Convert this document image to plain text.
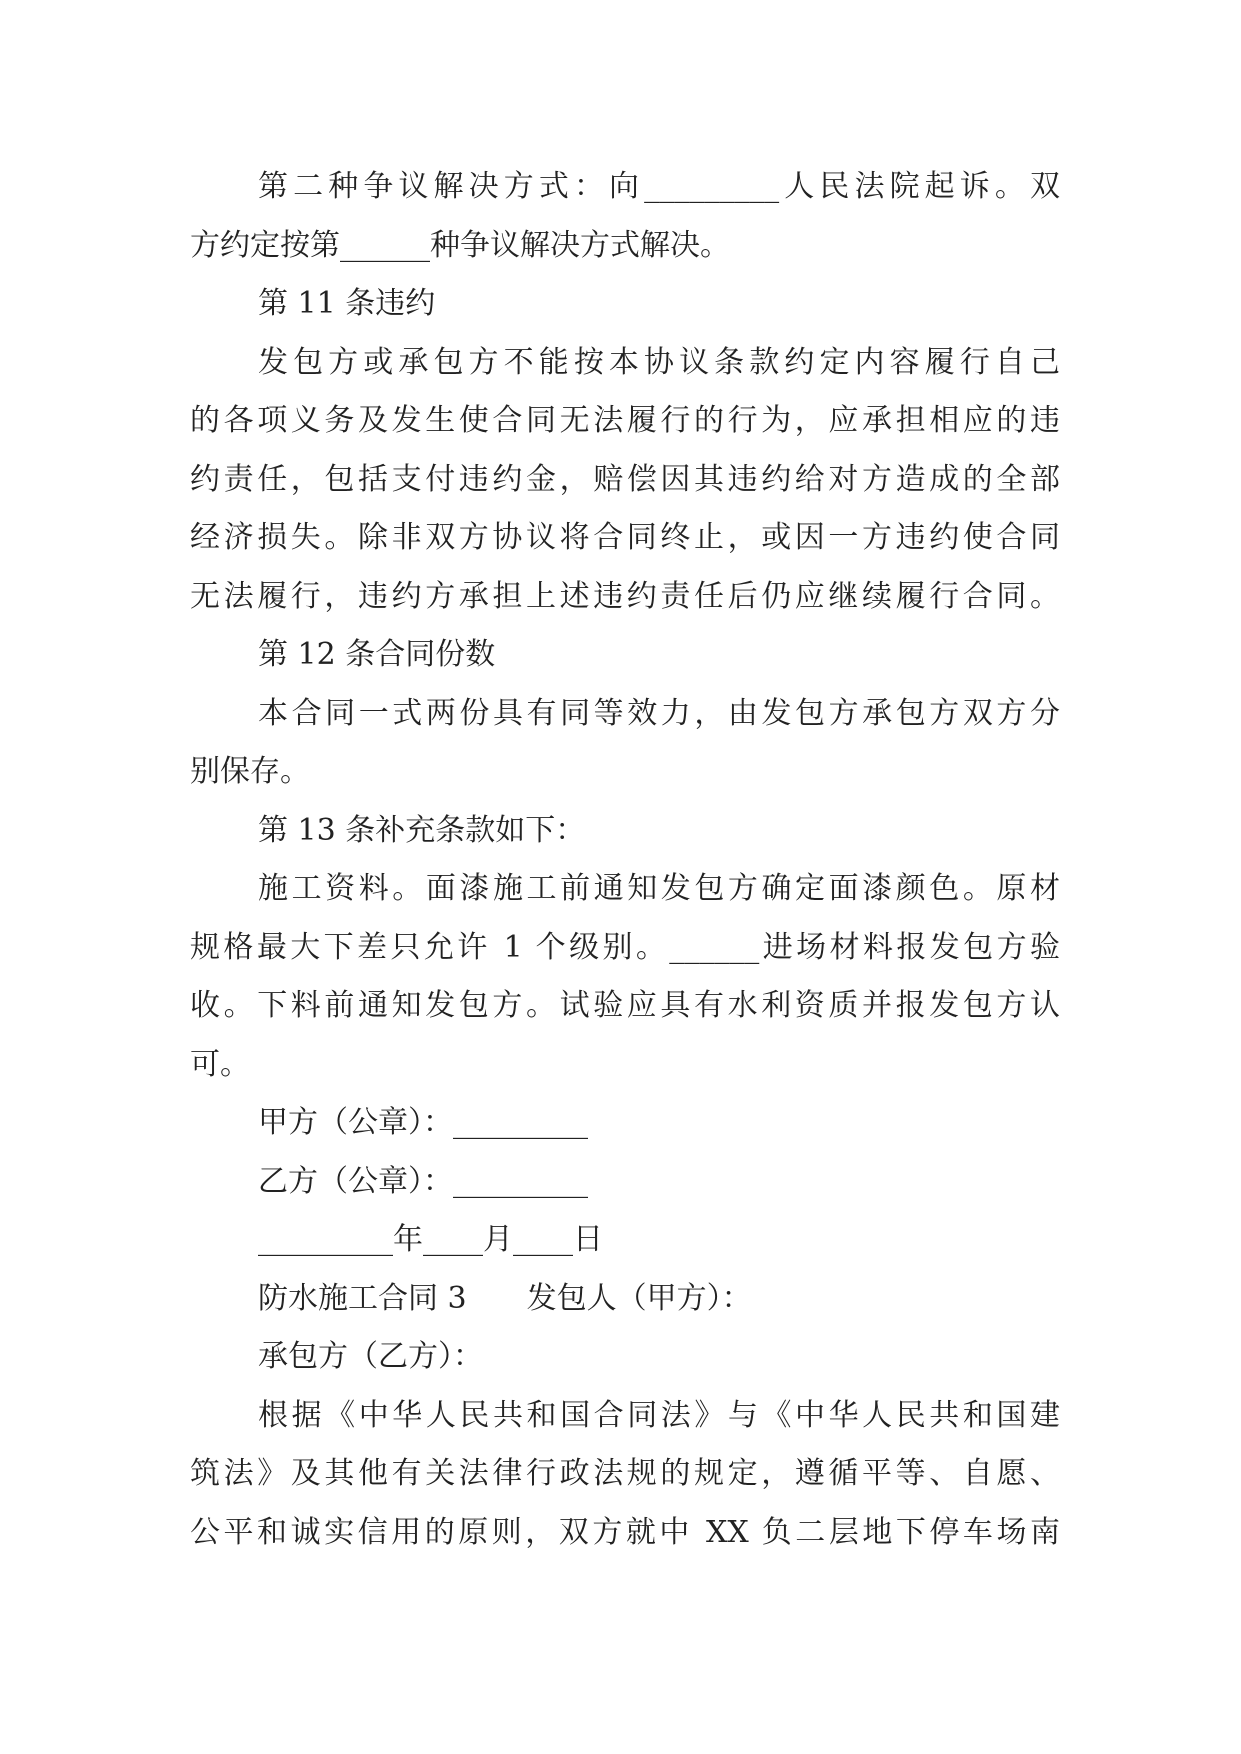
第二种争议解决方式：向_________人民法院起诉。双
方约定按第______种争议解决方式解决。
第 11 条违约
发包方或承包方不能按本协议条款约定内容履行自己
的各项义务及发生使合同无法履行的行为，应承担相应的违
约责任，包括支付违约金，赔偿因其违约给对方造成的全部
经济损失。除非双方协议将合同终止，或因一方违约使合同
无法履行，违约方承担上述违约责任后仍应继续履行合同。
第 12 条合同份数
本合同一式两份具有同等效力，由发包方承包方双方分
别保存。
第 13 条补充条款如下：
施工资料。面漆施工前通知发包方确定面漆颜色。原材
规格最大下差只允许 1 个级别。______进场材料报发包方验
收。下料前通知发包方。试验应具有水利资质并报发包方认
可。
甲方（公章）：_________
乙方（公章）：_________
_________年____月____日
防水施工合同 3　　发包人（甲方）：
承包方（乙方）：
根据《中华人民共和国合同法》与《中华人民共和国建
筑法》及其他有关法律行政法规的规定，遵循平等、自愿、
公平和诚实信用的原则，双方就中 XX 负二层地下停车场南
